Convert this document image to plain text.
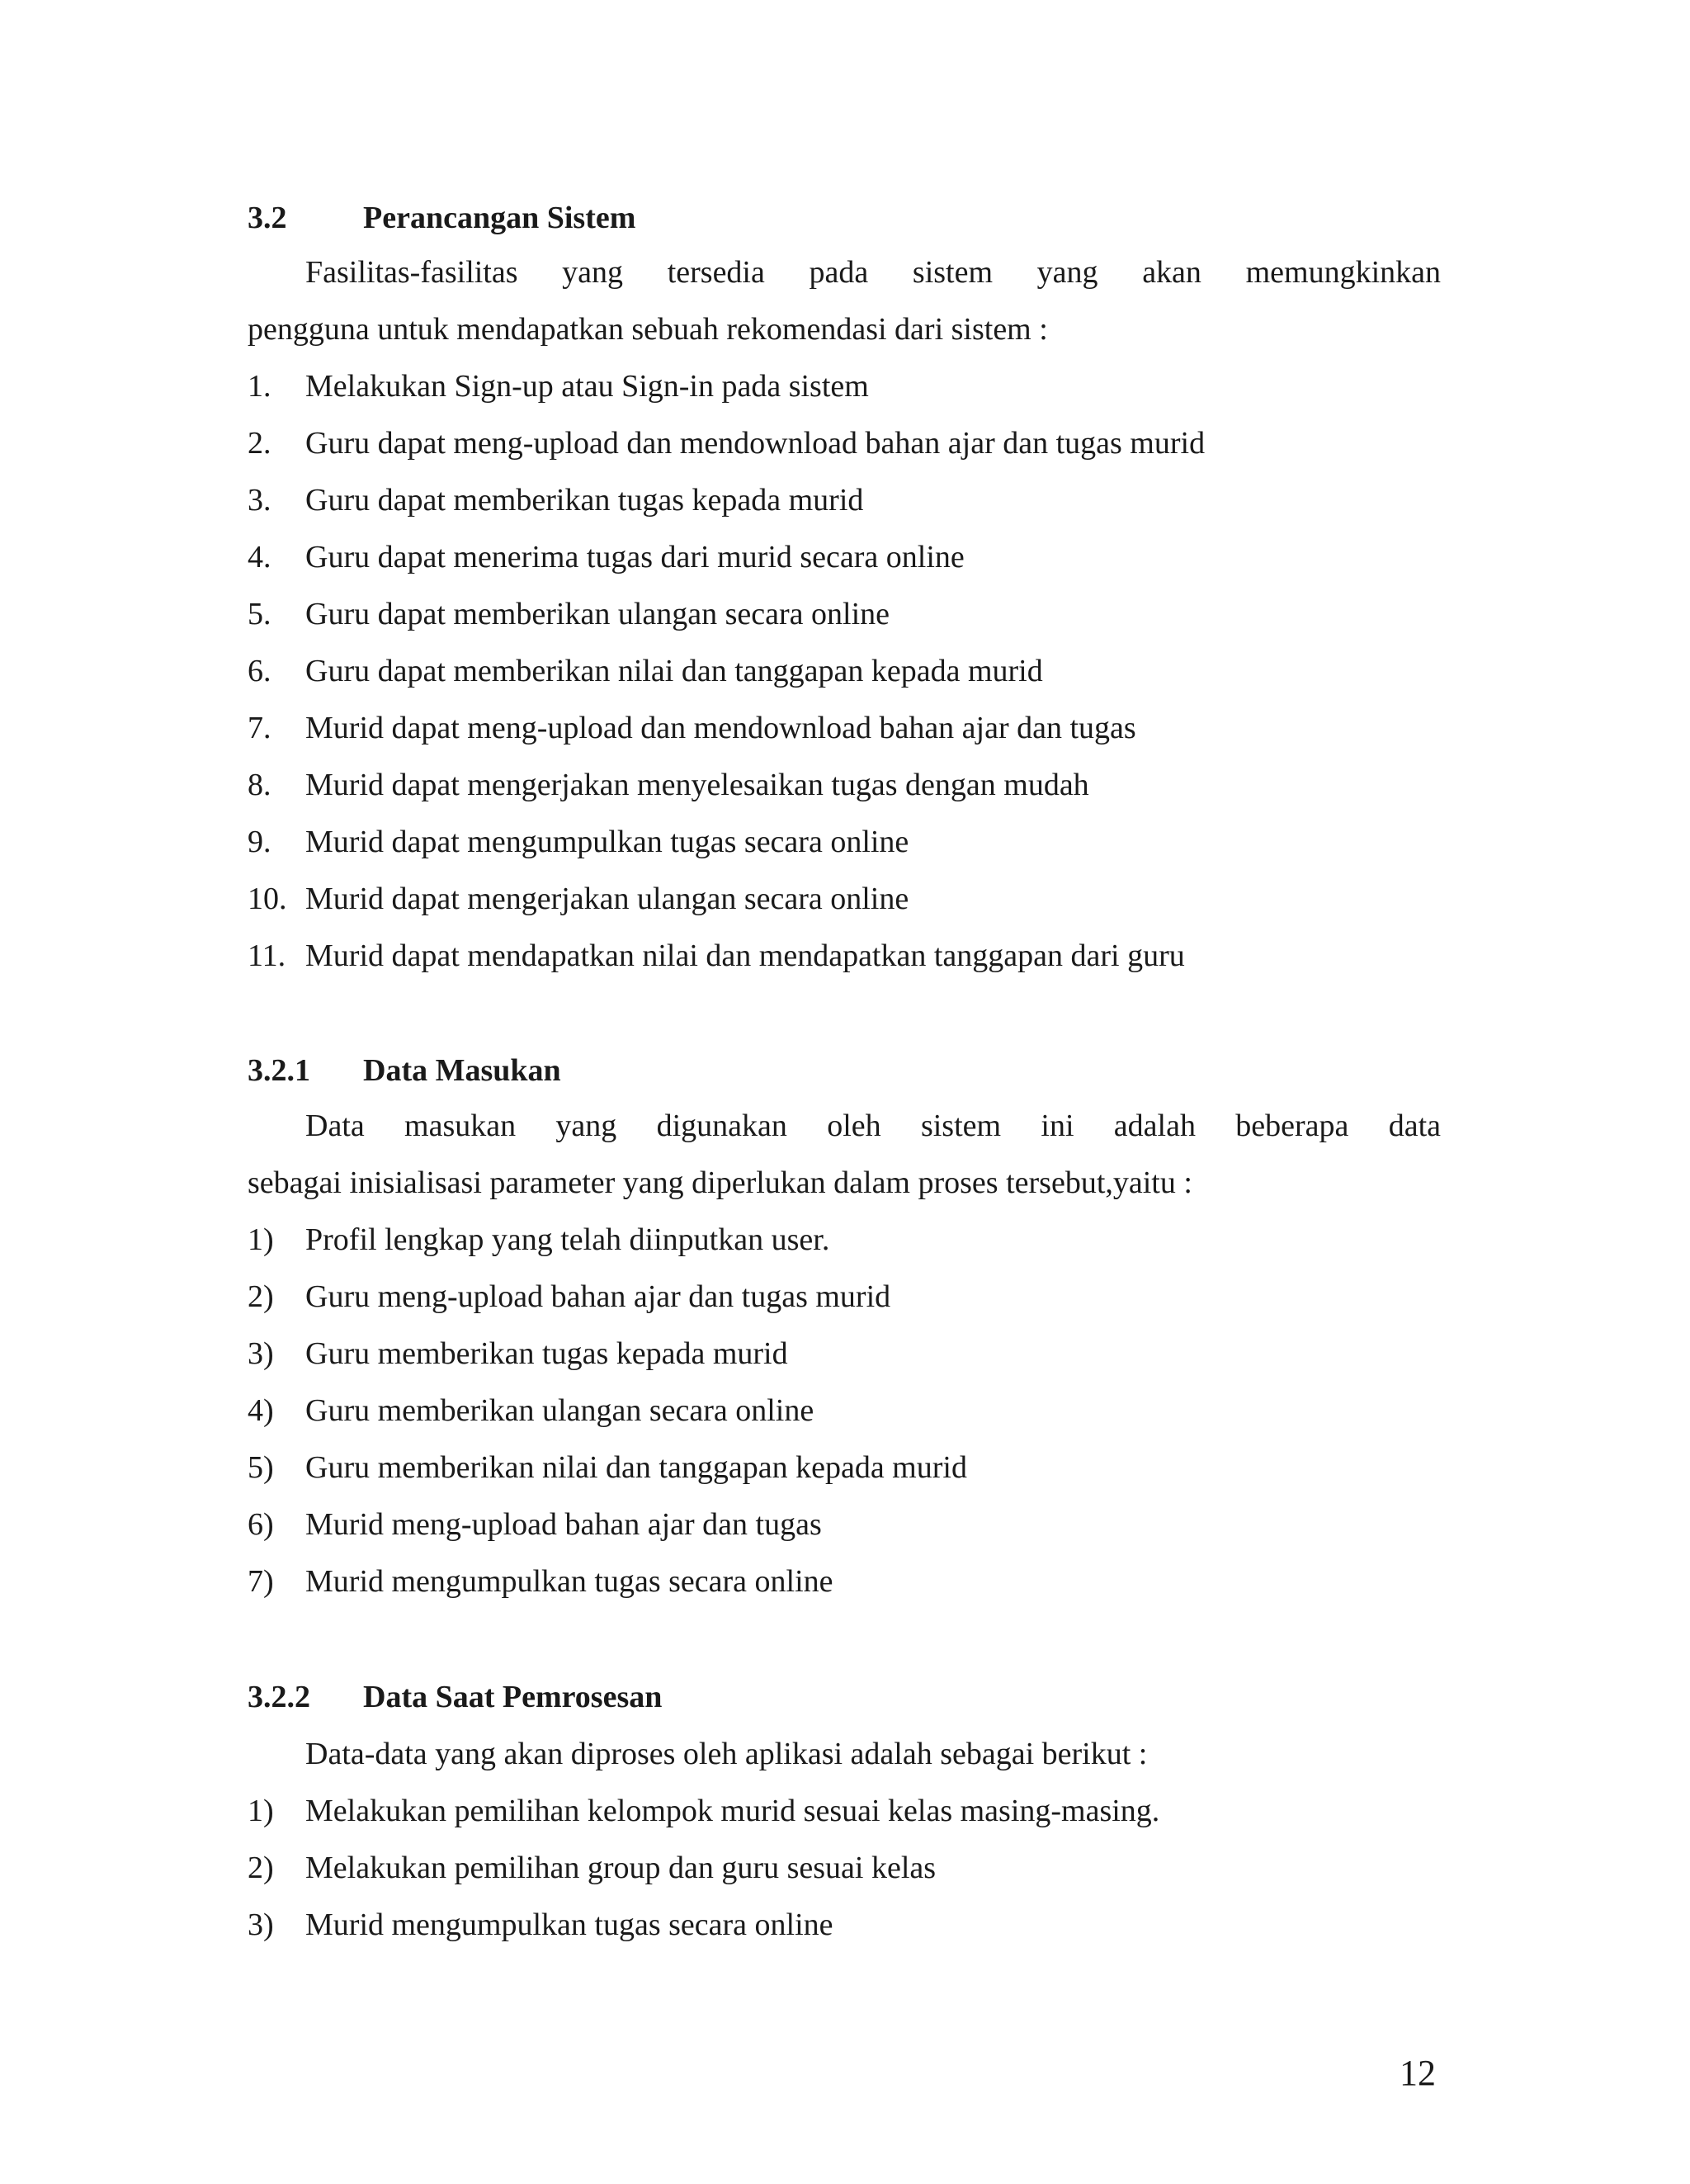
3.2 Perancangan Sistem
Fasilitas-fasilitas yang tersedia pada sistem yang akan memungkinkan
pengguna untuk mendapatkan sebuah rekomendasi dari sistem :
1. Melakukan Sign-up atau Sign-in pada sistem
2. Guru dapat meng-upload dan mendownload bahan ajar dan tugas murid
3. Guru dapat memberikan tugas kepada murid
4. Guru dapat menerima tugas dari murid secara online
5. Guru dapat memberikan ulangan secara online
6. Guru dapat memberikan nilai dan tanggapan kepada murid
7. Murid dapat meng-upload dan mendownload bahan ajar dan tugas
8. Murid dapat mengerjakan menyelesaikan tugas dengan mudah
9. Murid dapat mengumpulkan tugas secara online
10. Murid dapat mengerjakan ulangan secara online
11. Murid dapat mendapatkan nilai dan mendapatkan tanggapan dari guru
3.2.1 Data Masukan
Data masukan yang digunakan oleh sistem ini adalah beberapa data
sebagai inisialisasi parameter yang diperlukan dalam proses tersebut,yaitu :
1) Profil lengkap yang telah diinputkan user.
2) Guru meng-upload bahan ajar dan tugas murid
3) Guru memberikan tugas kepada murid
4) Guru memberikan ulangan secara online
5) Guru memberikan nilai dan tanggapan kepada murid
6) Murid meng-upload bahan ajar dan tugas
7) Murid mengumpulkan tugas secara online
3.2.2 Data Saat Pemrosesan
Data-data yang akan diproses oleh aplikasi adalah sebagai berikut :
1) Melakukan pemilihan kelompok murid sesuai kelas masing-masing.
2) Melakukan pemilihan group dan guru sesuai kelas
3) Murid mengumpulkan tugas secara online
12
